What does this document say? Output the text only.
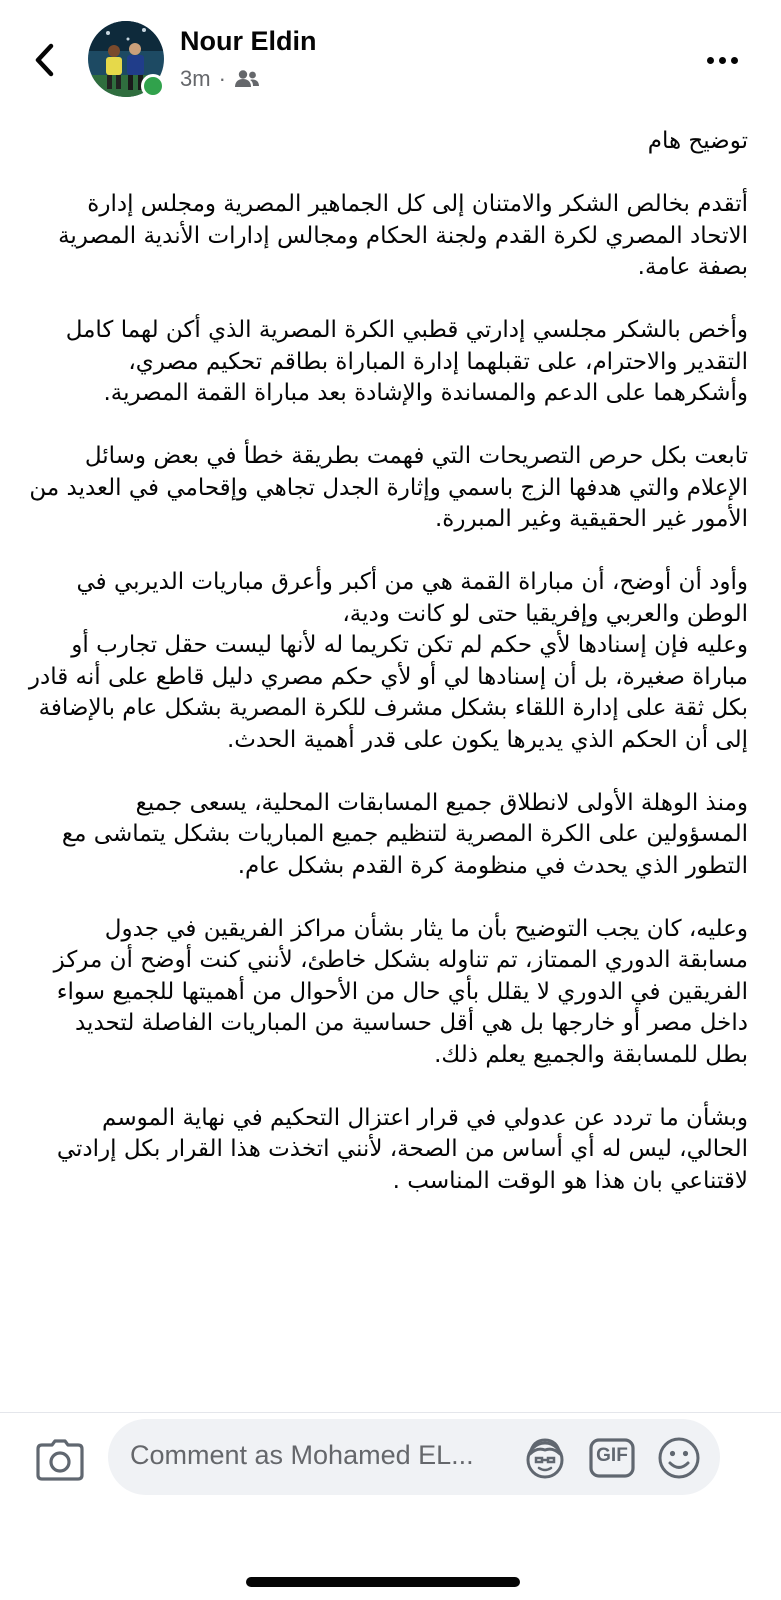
Nour Eldin
3m ·

توضيح هام

أتقدم بخالص الشكر والامتنان إلى كل الجماهير المصرية ومجلس إدارة الاتحاد المصري لكرة القدم ولجنة الحكام ومجالس إدارات الأندية المصرية بصفة عامة.

وأخص بالشكر مجلسي إدارتي قطبي الكرة المصرية الذي أكن لهما كامل التقدير والاحترام، على تقبلهما إدارة المباراة بطاقم تحكيم مصري، وأشكرهما على الدعم والمساندة والإشادة بعد مباراة القمة المصرية.

تابعت بكل حرص التصريحات التي فهمت بطريقة خطأ في بعض وسائل الإعلام والتي هدفها الزج باسمي وإثارة الجدل تجاهي وإقحامي في العديد من الأمور غير الحقيقية وغير المبررة.

وأود أن أوضح، أن مباراة القمة هي من أكبر وأعرق مباريات الديربي في الوطن والعربي وإفريقيا حتى لو كانت ودية،

وعليه فإن إسنادها لأي حكم لم تكن تكريما له لأنها ليست حقل تجارب أو مباراة صغيرة، بل أن إسنادها لي أو لأي حكم مصري دليل قاطع على أنه قادر بكل ثقة على إدارة اللقاء بشكل مشرف للكرة المصرية بشكل عام بالإضافة إلى أن الحكم الذي يديرها يكون على قدر أهمية الحدث.

ومنذ الوهلة الأولى لانطلاق جميع المسابقات المحلية، يسعى جميع المسؤولين على الكرة المصرية لتنظيم جميع المباريات بشكل يتماشى مع التطور الذي يحدث في منظومة كرة القدم بشكل عام.

وعليه، كان يجب التوضيح بأن ما يثار بشأن مراكز الفريقين في جدول مسابقة الدوري الممتاز، تم تناوله بشكل خاطئ، لأنني كنت أوضح أن مركز الفريقين في الدوري لا يقلل بأي حال من الأحوال من أهميتها للجميع سواء داخل مصر أو خارجها بل هي أقل حساسية من المباريات الفاصلة لتحديد بطل للمسابقة والجميع يعلم ذلك.

وبشأن ما تردد عن عدولي في قرار اعتزال التحكيم في نهاية الموسم الحالي، ليس له أي أساس من الصحة، لأنني اتخذت هذا القرار بكل إرادتي لاقتناعي بان هذا هو الوقت المناسب .

Comment as Mohamed EL...	GIF
